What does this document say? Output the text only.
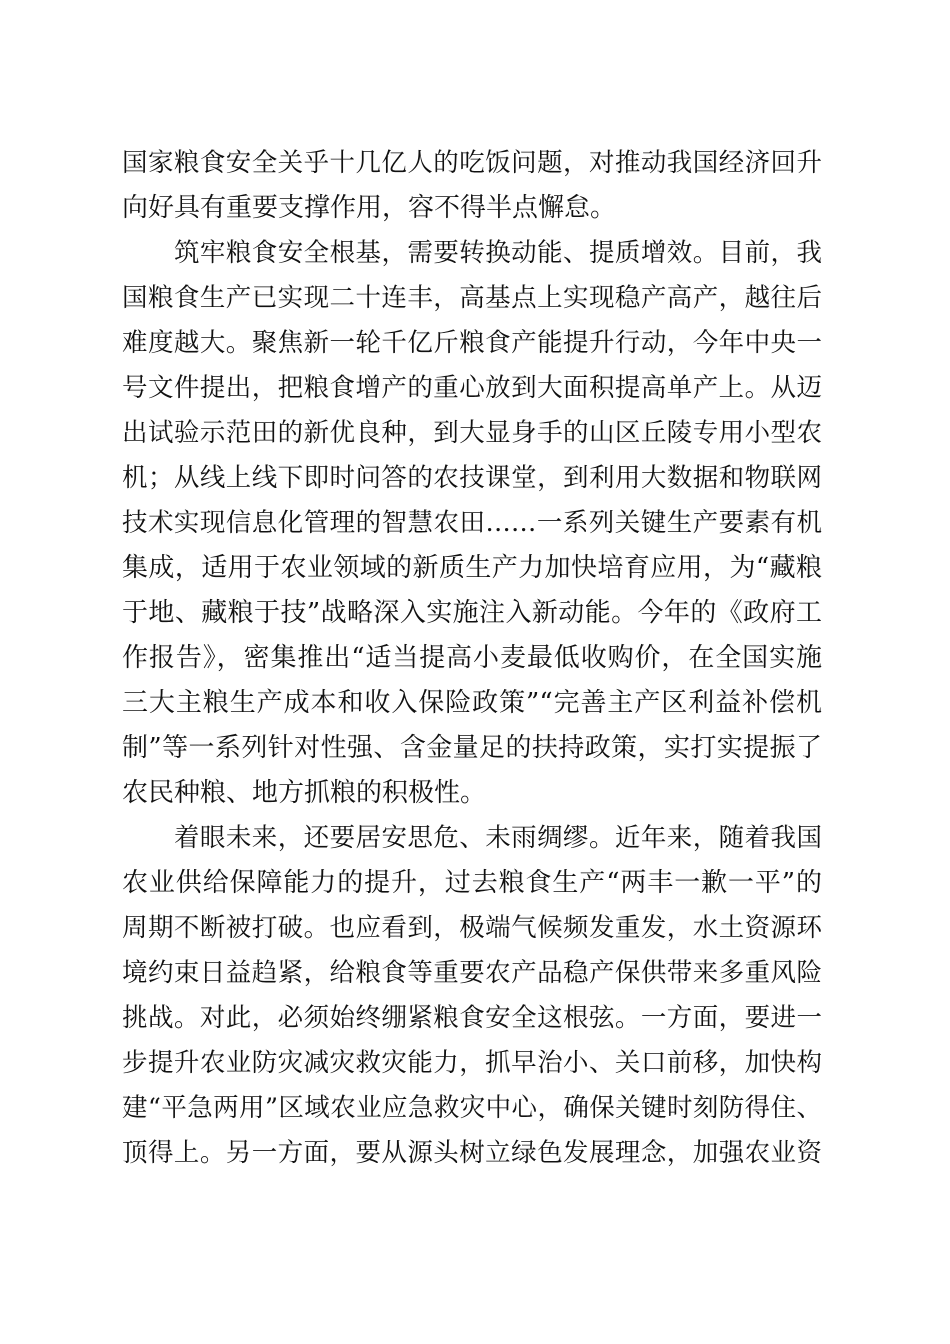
国家粮食安全关乎十几亿人的吃饭问题，对推动我国经济回升
向好具有重要支撑作用，容不得半点懈怠。
筑牢粮食安全根基，需要转换动能、提质增效。目前，我
国粮食生产已实现二十连丰，高基点上实现稳产高产，越往后
难度越大。聚焦新一轮千亿斤粮食产能提升行动，今年中央一
号文件提出，把粮食增产的重心放到大面积提高单产上。从迈
出试验示范田的新优良种，到大显身手的山区丘陵专用小型农
机；从线上线下即时问答的农技课堂，到利用大数据和物联网
技术实现信息化管理的智慧农田……一系列关键生产要素有机
集成，适用于农业领域的新质生产力加快培育应用，为“藏粮
于地、藏粮于技”战略深入实施注入新动能。今年的《政府工
作报告》，密集推出“适当提高小麦最低收购价，在全国实施
三大主粮生产成本和收入保险政策”“完善主产区利益补偿机
制”等一系列针对性强、含金量足的扶持政策，实打实提振了
农民种粮、地方抓粮的积极性。
着眼未来，还要居安思危、未雨绸缪。近年来，随着我国
农业供给保障能力的提升，过去粮食生产“两丰一歉一平”的
周期不断被打破。也应看到，极端气候频发重发，水土资源环
境约束日益趋紧，给粮食等重要农产品稳产保供带来多重风险
挑战。对此，必须始终绷紧粮食安全这根弦。一方面，要进一
步提升农业防灾减灾救灾能力，抓早治小、关口前移，加快构
建“平急两用”区域农业应急救灾中心，确保关键时刻防得住、
顶得上。另一方面，要从源头树立绿色发展理念，加强农业资
